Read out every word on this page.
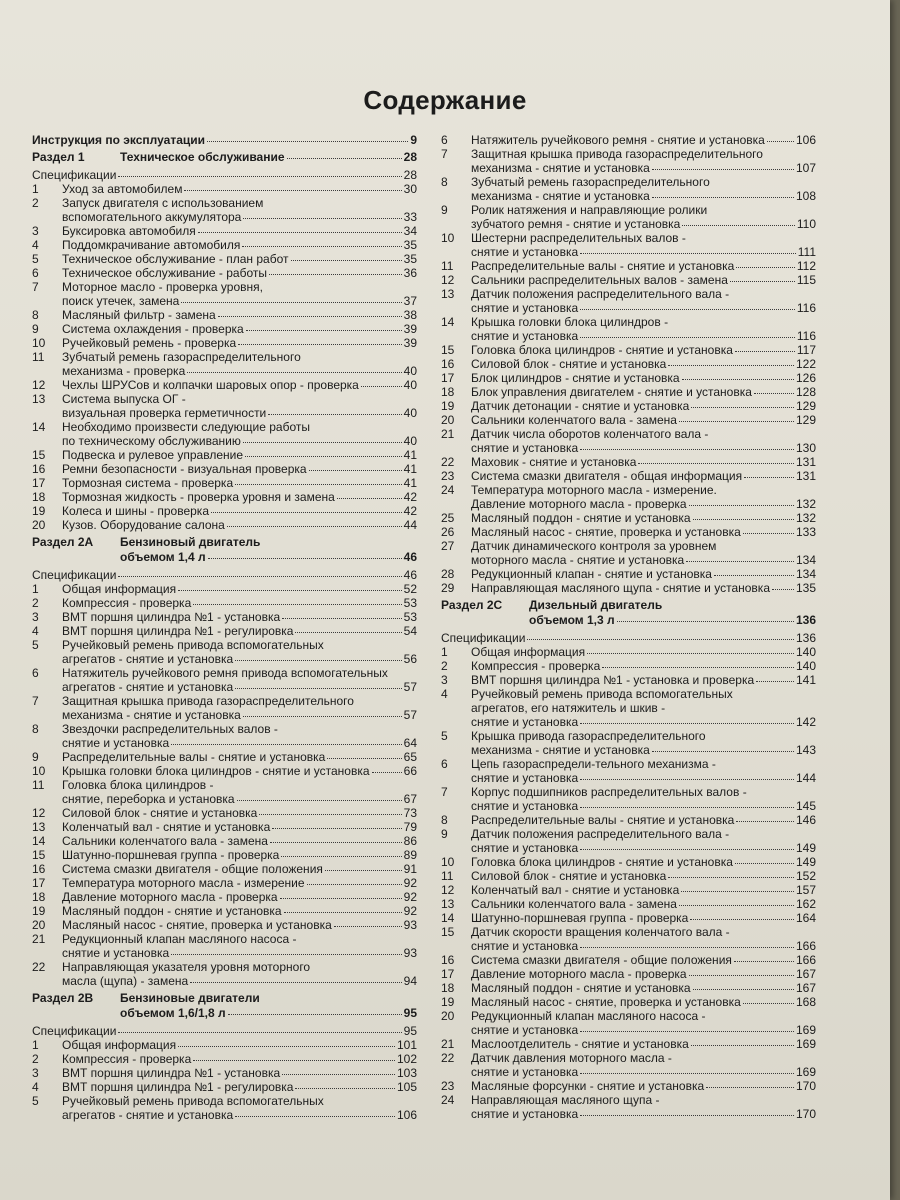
Содержание
Инструкция по эксплуатации	9
Раздел 1	Техническое обслуживание	28
Спецификации	28
1	Уход за автомобилем	30
2	Запуск двигателя с использованием
вспомогательного аккумулятора	33
3	Буксировка автомобиля	34
4	Поддомкрачивание автомобиля	35
5	Техническое обслуживание - план работ	35
6	Техническое обслуживание - работы	36
7	Моторное масло - проверка уровня,
поиск утечек, замена	37
8	Масляный фильтр - замена	38
9	Система охлаждения - проверка	39
10	Ручейковый ремень - проверка	39
11	Зубчатый ремень газораспределительного
механизма - проверка	40
12	Чехлы ШРУСов и колпачки шаровых опор - проверка	40
13	Система выпуска ОГ -
визуальная проверка герметичности	40
14	Необходимо произвести следующие работы
по техническому обслуживанию	40
15	Подвеска и рулевое управление	41
16	Ремни безопасности - визуальная проверка	41
17	Тормозная система - проверка	41
18	Тормозная жидкость - проверка уровня и замена	42
19	Колеса и шины - проверка	42
20	Кузов. Оборудование салона	44
Раздел 2А	Бензиновый двигатель
объемом 1,4 л	46
Спецификации	46
1	Общая информация	52
2	Компрессия - проверка	53
3	ВМТ поршня цилиндра №1 - установка	53
4	ВМТ поршня цилиндра №1 - регулировка	54
5	Ручейковый ремень привода вспомогательных
агрегатов - снятие и установка	56
6	Натяжитель ручейкового ремня привода вспомогательных
агрегатов - снятие и установка	57
7	Защитная крышка привода газораспределительного
механизма - снятие и установка	57
8	Звездочки распределительных валов -
снятие и установка	64
9	Распределительные валы - снятие и установка	65
10	Крышка головки блока цилиндров - снятие и установка	66
11	Головка блока цилиндров -
снятие, переборка и установка	67
12	Силовой блок - снятие и установка	73
13	Коленчатый вал - снятие и установка	79
14	Сальники коленчатого вала - замена	86
15	Шатунно-поршневая группа - проверка	89
16	Система смазки двигателя - общие положения	91
17	Температура моторного масла - измерение	92
18	Давление моторного масла - проверка	92
19	Масляный поддон - снятие и установка	92
20	Масляный насос - снятие, проверка и установка	93
21	Редукционный клапан масляного насоса -
снятие и установка	93
22	Направляющая указателя уровня моторного
масла (щупа) - замена	94
Раздел 2В	Бензиновые двигатели
объемом 1,6/1,8 л	95
Спецификации	95
1	Общая информация	101
2	Компрессия - проверка	102
3	ВМТ поршня цилиндра №1 - установка	103
4	ВМТ поршня цилиндра №1 - регулировка	105
5	Ручейковый ремень привода вспомогательных
агрегатов - снятие и установка	106
6	Натяжитель ручейкового ремня - снятие и установка	106
7	Защитная крышка привода газораспределительного
механизма - снятие и установка	107
8	Зубчатый ремень газораспределительного
механизма - снятие и установка	108
9	Ролик натяжения и направляющие ролики
зубчатого ремня - снятие и установка	110
10	Шестерни распределительных валов -
снятие и установка	111
11	Распределительные валы - снятие и установка	112
12	Сальники распределительных валов - замена	115
13	Датчик положения распределительного вала -
снятие и установка	116
14	Крышка головки блока цилиндров -
снятие и установка	116
15	Головка блока цилиндров - снятие и установка	117
16	Силовой блок - снятие и установка	122
17	Блок цилиндров - снятие и установка	126
18	Блок управления двигателем - снятие и установка	128
19	Датчик детонации - снятие и установка	129
20	Сальники коленчатого вала - замена	129
21	Датчик числа оборотов коленчатого вала -
снятие и установка	130
22	Маховик - снятие и установка	131
23	Система смазки двигателя - общая информация	131
24	Температура моторного масла - измерение.
Давление моторного масла - проверка	132
25	Масляный поддон - снятие и установка	132
26	Масляный насос - снятие, проверка и установка	133
27	Датчик динамического контроля за уровнем
моторного масла - снятие и установка	134
28	Редукционный клапан - снятие и установка	134
29	Направляющая масляного щупа - снятие и установка 135
Раздел 2С	Дизельный двигатель
объемом 1,3 л	136
Спецификации	136
1	Общая информация	140
2	Компрессия - проверка	140
3	ВМТ поршня цилиндра №1 - установка и проверка	141
4	Ручейковый ремень привода вспомогательных
агрегатов, его натяжитель и шкив -
снятие и установка	142
5	Крышка привода газораспределительного
механизма - снятие и установка	143
6	Цепь газораспредели-тельного механизма -
снятие и установка	144
7	Корпус подшипников распределительных валов -
снятие и установка	145
8	Распределительные валы - снятие и установка	146
9	Датчик положения распределительного вала -
снятие и установка	149
10	Головка блока цилиндров - снятие и установка	149
11	Силовой блок - снятие и установка	152
12	Коленчатый вал - снятие и установка	157
13	Сальники коленчатого вала - замена	162
14	Шатунно-поршневая группа - проверка	164
15	Датчик скорости вращения коленчатого вала -
снятие и установка	166
16	Система смазки двигателя - общие положения	166
17	Давление моторного масла - проверка	167
18	Масляный поддон - снятие и установка	167
19	Масляный насос - снятие, проверка и установка	168
20	Редукционный клапан масляного насоса -
снятие и установка	169
21	Маслоотделитель - снятие и установка	169
22	Датчик давления моторного масла -
снятие и установка	169
23	Масляные форсунки - снятие и установка	170
24	Направляющая масляного щупа -
снятие и установка	170
